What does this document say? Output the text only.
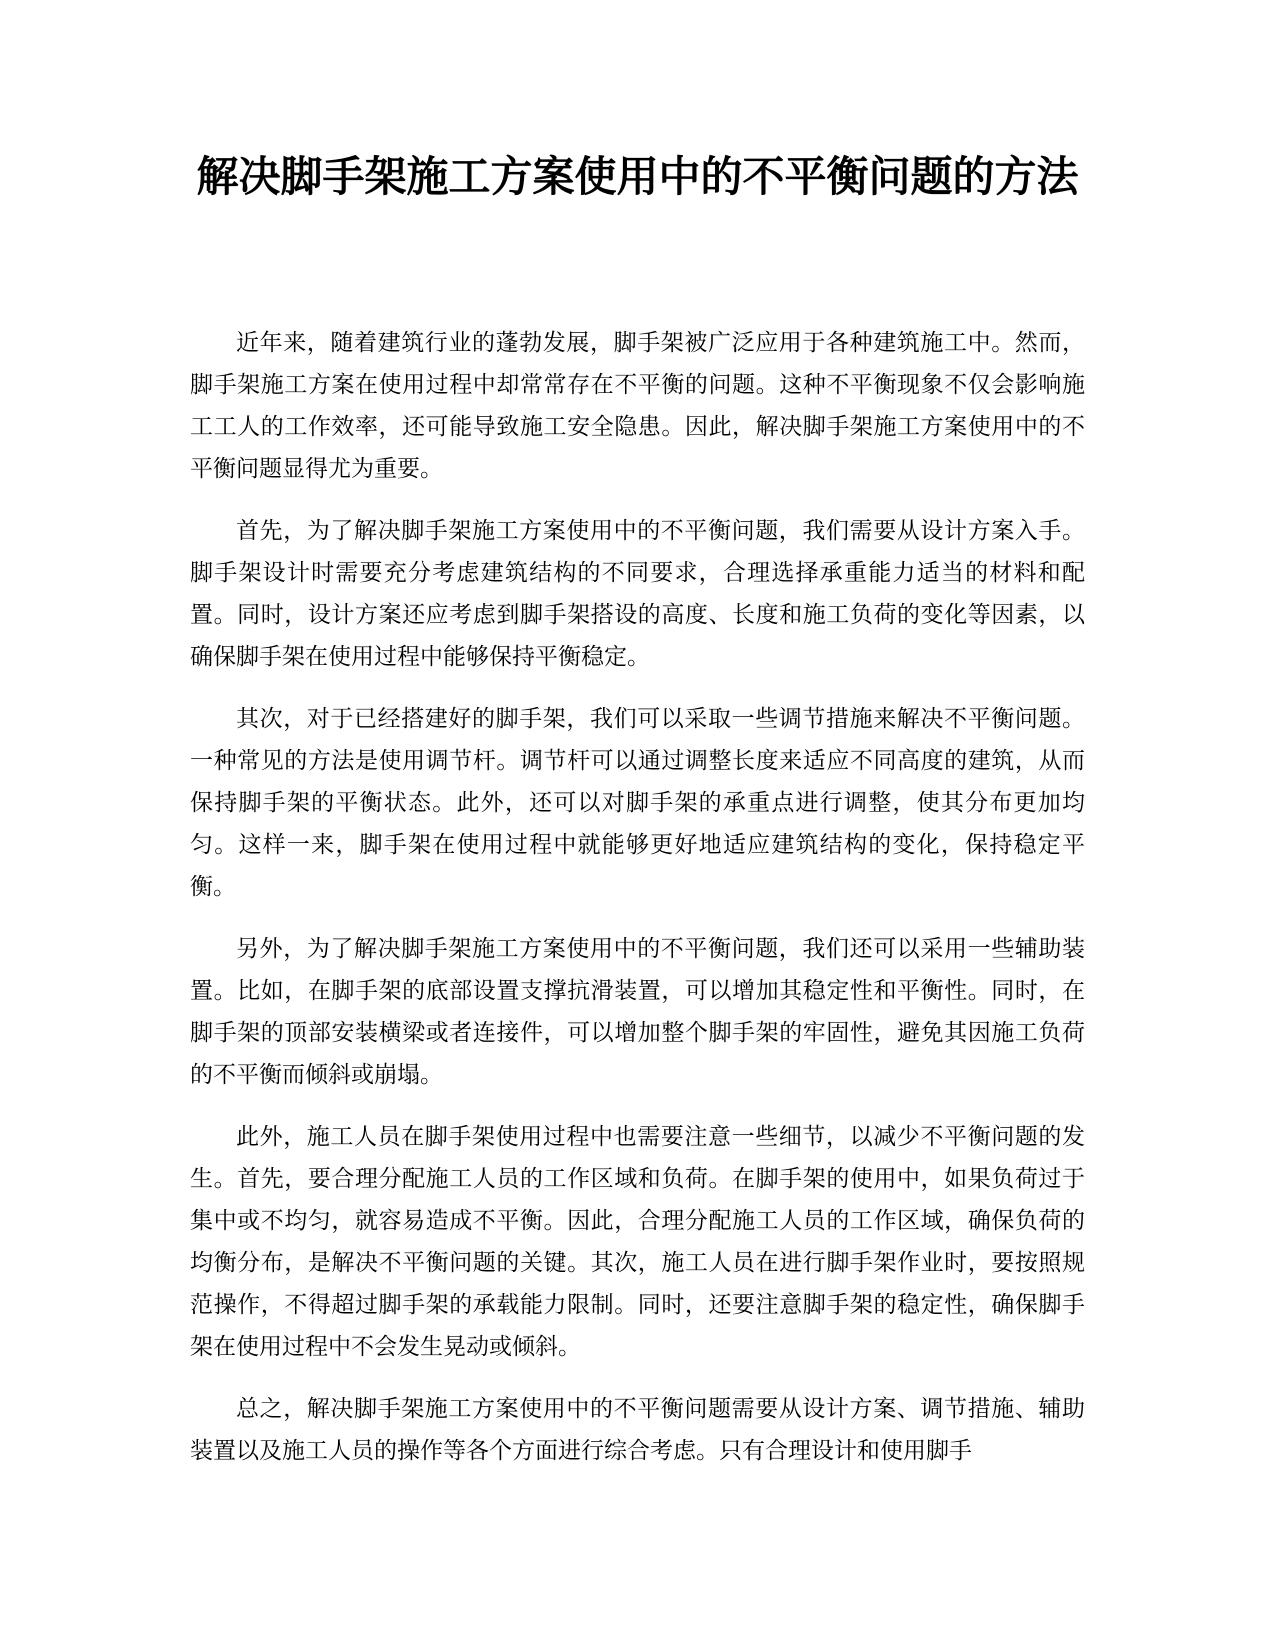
解决脚手架施工方案使用中的不平衡问题的方法

近年来，随着建筑行业的蓬勃发展，脚手架被广泛应用于各种建筑施工中。然而，脚手架施工方案在使用过程中却常常存在不平衡的问题。这种不平衡现象不仅会影响施工工人的工作效率，还可能导致施工安全隐患。因此，解决脚手架施工方案使用中的不平衡问题显得尤为重要。

首先，为了解决脚手架施工方案使用中的不平衡问题，我们需要从设计方案入手。脚手架设计时需要充分考虑建筑结构的不同要求，合理选择承重能力适当的材料和配置。同时，设计方案还应考虑到脚手架搭设的高度、长度和施工负荷的变化等因素，以确保脚手架在使用过程中能够保持平衡稳定。

其次，对于已经搭建好的脚手架，我们可以采取一些调节措施来解决不平衡问题。一种常见的方法是使用调节杆。调节杆可以通过调整长度来适应不同高度的建筑，从而保持脚手架的平衡状态。此外，还可以对脚手架的承重点进行调整，使其分布更加均匀。这样一来，脚手架在使用过程中就能够更好地适应建筑结构的变化，保持稳定平衡。

另外，为了解决脚手架施工方案使用中的不平衡问题，我们还可以采用一些辅助装置。比如，在脚手架的底部设置支撑抗滑装置，可以增加其稳定性和平衡性。同时，在脚手架的顶部安装横梁或者连接件，可以增加整个脚手架的牢固性，避免其因施工负荷的不平衡而倾斜或崩塌。

此外，施工人员在脚手架使用过程中也需要注意一些细节，以减少不平衡问题的发生。首先，要合理分配施工人员的工作区域和负荷。在脚手架的使用中，如果负荷过于集中或不均匀，就容易造成不平衡。因此，合理分配施工人员的工作区域，确保负荷的均衡分布，是解决不平衡问题的关键。其次，施工人员在进行脚手架作业时，要按照规范操作，不得超过脚手架的承载能力限制。同时，还要注意脚手架的稳定性，确保脚手架在使用过程中不会发生晃动或倾斜。

总之，解决脚手架施工方案使用中的不平衡问题需要从设计方案、调节措施、辅助装置以及施工人员的操作等各个方面进行综合考虑。只有合理设计和使用脚手
